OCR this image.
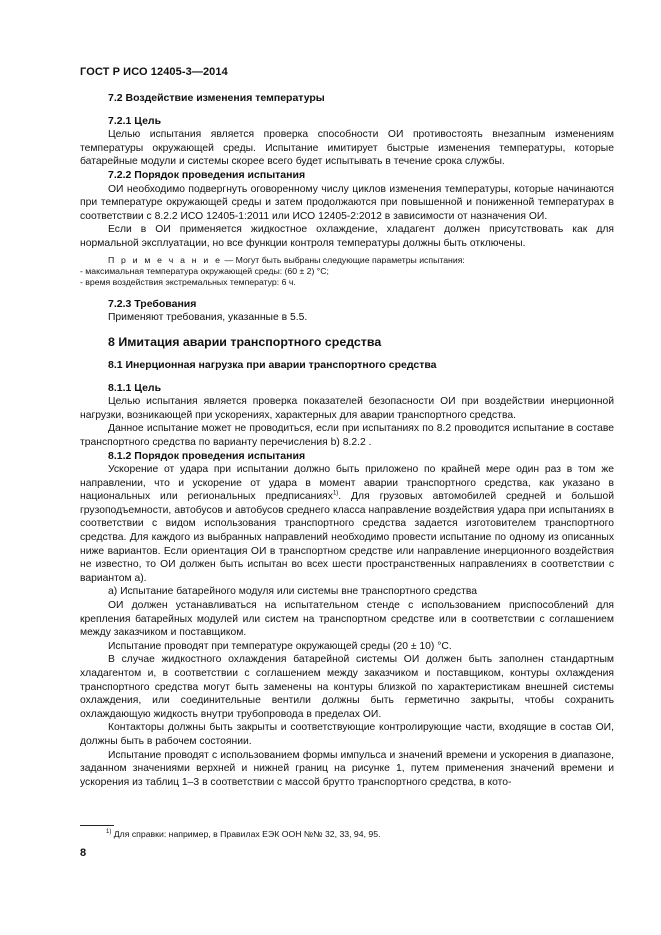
ГОСТ Р ИСО 12405-3—2014
7.2 Воздействие изменения температуры
7.2.1 Цель

Целью испытания является проверка способности ОИ противостоять внезапным изменениям температуры окружающей среды. Испытание имитирует быстрые изменения температуры, которые батарейные модули и системы скорее всего будет испытывать в течение срока службы.

7.2.2 Порядок проведения испытания

ОИ необходимо подвергнуть оговоренному числу циклов изменения температуры, которые начинаются при температуре окружающей среды и затем продолжаются при повышенной и пониженной температурах в соответствии с 8.2.2 ИСО 12405-1:2011 или ИСО 12405-2:2012 в зависимости от назначения ОИ.

Если в ОИ применяется жидкостное охлаждение, хладагент должен присутствовать как для нормальной эксплуатации, но все функции контроля температуры должны быть отключены.

П р и м е ч а н и е — Могут быть выбраны следующие параметры испытания:

- максимальная температура окружающей среды: (60 ± 2) °С;

- время воздействия экстремальных температур: 6 ч.

7.2.3 Требования

Применяют требования, указанные в 5.5.

8 Имитация аварии транспортного средства
8.1 Инерционная нагрузка при аварии транспортного средства
8.1.1 Цель

Целью испытания является проверка показателей безопасности ОИ при воздействии инерционной нагрузки, возникающей при ускорениях, характерных для аварии транспортного средства.

Данное испытание может не проводиться, если при испытаниях по 8.2 проводится испытание в составе транспортного средства по варианту перечисления b) 8.2.2 .

8.1.2 Порядок проведения испытания

Ускорение от удара при испытании должно быть приложено по крайней мере один раз в том же направлении, что и ускорение от удара в момент аварии транспортного средства, как указано в национальных или региональных предписаниях$^{1)}$. Для грузовых автомобилей средней и большой грузоподъемности, автобусов и автобусов среднего класса направление воздействия удара при испытаниях в соответствии с видом использования транспортного средства задается изготовителем транспортного средства. Для каждого из выбранных направлений необходимо провести испытание по одному из описанных ниже вариантов. Если ориентация ОИ в транспортном средстве или направление инерционного воздействия не известно, то ОИ должен быть испытан во всех шести пространственных направлениях в соответствии с вариантом а).

а) Испытание батарейного модуля или системы вне транспортного средства

ОИ должен устанавливаться на испытательном стенде с использованием приспособлений для крепления батарейных модулей или систем на транспортном средстве или в соответствии с соглашением между заказчиком и поставщиком.

Испытание проводят при температуре окружающей среды (20 ± 10) °С.

В случае жидкостного охлаждения батарейной системы ОИ должен быть заполнен стандартным хладагентом и, в соответствии с соглашением между заказчиком и поставщиком, контуры охлаждения транспортного средства могут быть заменены на контуры близкой по характеристикам внешней системы охлаждения, или соединительные вентили должны быть герметично закрыты, чтобы сохранить охлаждающую жидкость внутри трубопровода в пределах ОИ.

Контакторы должны быть закрыты и соответствующие контролирующие части, входящие в состав ОИ, должны быть в рабочем состоянии.

Испытание проводят с использованием формы импульса и значений времени и ускорения в диапазоне, заданном значениями верхней и нижней границ на рисунке 1, путем применения значений времени и ускорения из таблиц 1–3 в соответствии с массой брутто транспортного средства, в кото-

$^{1)}$ Для справки: например, в Правилах ЕЭК ООН №№ 32, 33, 94, 95.
8
